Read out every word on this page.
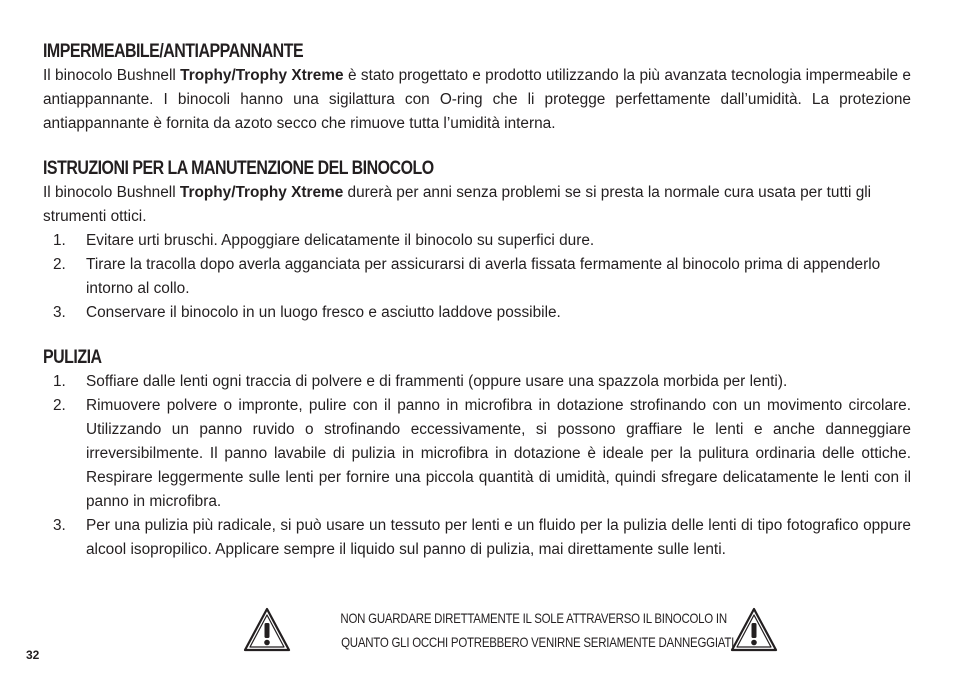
IMPERMEABILE/ANTIAPPANNANTE

Il binocolo Bushnell Trophy/Trophy Xtreme è stato progettato e prodotto utilizzando la più avanzata tecnologia impermeabile e antiappannante. I binocoli hanno una sigilattura con O-ring che li protegge perfettamente dall’umidità. La protezione antiappannante è fornita da azoto secco che rimuove tutta l’umidità interna.

ISTRUZIONI PER LA MANUTENZIONE DEL BINOCOLO

Il binocolo Bushnell Trophy/Trophy Xtreme durerà per anni senza problemi se si presta la normale cura usata per tutti gli strumenti ottici.

1. Evitare urti bruschi. Appoggiare delicatamente il binocolo su superfici dure.
2. Tirare la tracolla dopo averla agganciata per assicurarsi di averla fissata fermamente al binocolo prima di appenderlo intorno al collo.
3. Conservare il binocolo in un luogo fresco e asciutto laddove possibile.
PULIZIA
1. Soffiare dalle lenti ogni traccia di polvere e di frammenti (oppure usare una spazzola morbida per lenti).
2. Rimuovere polvere o impronte, pulire con il panno in microfibra in dotazione strofinando con un movimento circolare. Utilizzando un panno ruvido o strofinando eccessivamente, si possono graffiare le lenti e anche danneggiare irreversibilmente. Il panno lavabile di pulizia in microfibra in dotazione è ideale per la pulitura ordinaria delle ottiche. Respirare leggermente sulle lenti per fornire una piccola quantità di umidità, quindi sfregare delicatamente le lenti con il panno in microfibra.
3. Per una pulizia più radicale, si può usare un tessuto per lenti e un fluido per la pulizia delle lenti di tipo fotografico oppure alcool isopropilico. Applicare sempre il liquido sul panno di pulizia, mai direttamente sulle lenti.
NON GUARDARE DIRETTAMENTE IL SOLE ATTRAVERSO IL BINOCOLO IN
QUANTO GLI OCCHI POTREBBERO VENIRNE SERIAMENTE DANNEGGIATI
32
